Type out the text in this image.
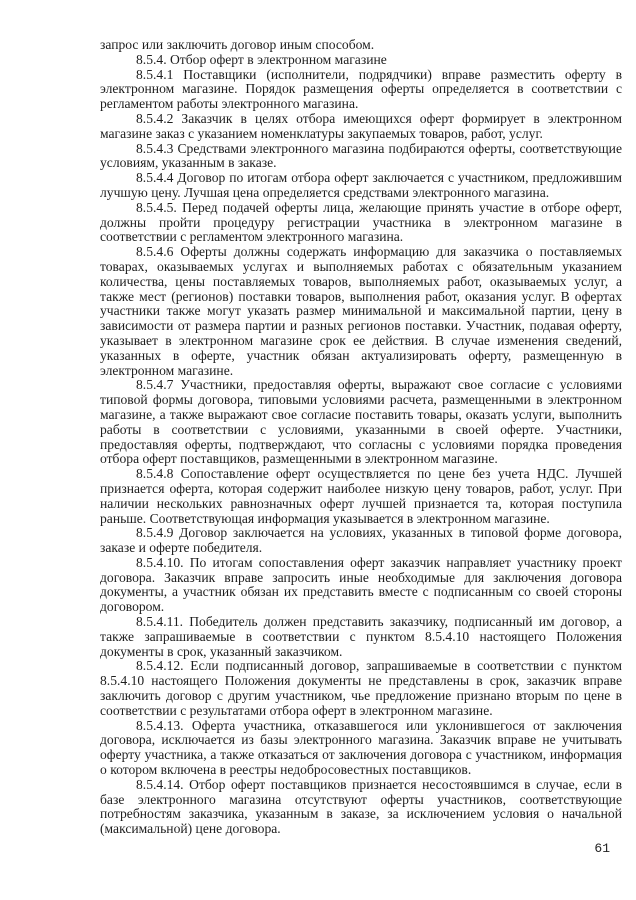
запрос или заключить договор иным способом.

8.5.4. Отбор оферт в электронном магазине

8.5.4.1 Поставщики (исполнители, подрядчики) вправе разместить оферту в электронном магазине. Порядок размещения оферты определяется в соответствии с регламентом работы электронного магазина.

8.5.4.2 Заказчик в целях отбора имеющихся оферт формирует в электронном магазине заказ с указанием номенклатуры закупаемых товаров, работ, услуг.

8.5.4.3 Средствами электронного магазина подбираются оферты, соответствующие условиям, указанным в заказе.

8.5.4.4 Договор по итогам отбора оферт заключается с участником, предложившим лучшую цену. Лучшая цена определяется средствами электронного магазина.

8.5.4.5. Перед подачей оферты лица, желающие принять участие в отборе оферт, должны пройти процедуру регистрации участника в электронном магазине в соответствии с регламентом электронного магазина.

8.5.4.6 Оферты должны содержать информацию для заказчика о поставляемых товарах, оказываемых услугах и выполняемых работах с обязательным указанием количества, цены поставляемых товаров, выполняемых работ, оказываемых услуг, а также мест (регионов) поставки товаров, выполнения работ, оказания услуг. В офертах участники также могут указать размер минимальной и максимальной партии, цену в зависимости от размера партии и разных регионов поставки. Участник, подавая оферту, указывает в электронном магазине срок ее действия. В случае изменения сведений, указанных в оферте, участник обязан актуализировать оферту, размещенную в электронном магазине.

8.5.4.7 Участники, предоставляя оферты, выражают свое согласие с условиями типовой формы договора, типовыми условиями расчета, размещенными в электронном магазине, а также выражают свое согласие поставить товары, оказать услуги, выполнить работы в соответствии с условиями, указанными в своей оферте. Участники, предоставляя оферты, подтверждают, что согласны с условиями порядка проведения отбора оферт поставщиков, размещенными в электронном магазине.

8.5.4.8 Сопоставление оферт осуществляется по цене без учета НДС. Лучшей признается оферта, которая содержит наиболее низкую цену товаров, работ, услуг. При наличии нескольких равнозначных оферт лучшей признается та, которая поступила раньше. Соответствующая информация указывается в электронном магазине.

8.5.4.9 Договор заключается на условиях, указанных в типовой форме договора, заказе и оферте победителя.

8.5.4.10. По итогам сопоставления оферт заказчик направляет участнику проект договора. Заказчик вправе запросить иные необходимые для заключения договора документы, а участник обязан их представить вместе с подписанным со своей стороны договором.

8.5.4.11. Победитель должен представить заказчику, подписанный им договор, а также запрашиваемые в соответствии с пунктом 8.5.4.10 настоящего Положения документы в срок, указанный заказчиком.

8.5.4.12. Если подписанный договор, запрашиваемые в соответствии с пунктом 8.5.4.10 настоящего Положения документы не представлены в срок, заказчик вправе заключить договор с другим участником, чье предложение признано вторым по цене в соответствии с результатами отбора оферт в электронном магазине.

8.5.4.13. Оферта участника, отказавшегося или уклонившегося от заключения договора, исключается из базы электронного магазина. Заказчик вправе не учитывать оферту участника, а также отказаться от заключения договора с участником, информация о котором включена в реестры недобросовестных поставщиков.

8.5.4.14. Отбор оферт поставщиков признается несостоявшимся в случае, если в базе электронного магазина отсутствуют оферты участников, соответствующие потребностям заказчика, указанным в заказе, за исключением условия о начальной (максимальной) цене договора.

61
